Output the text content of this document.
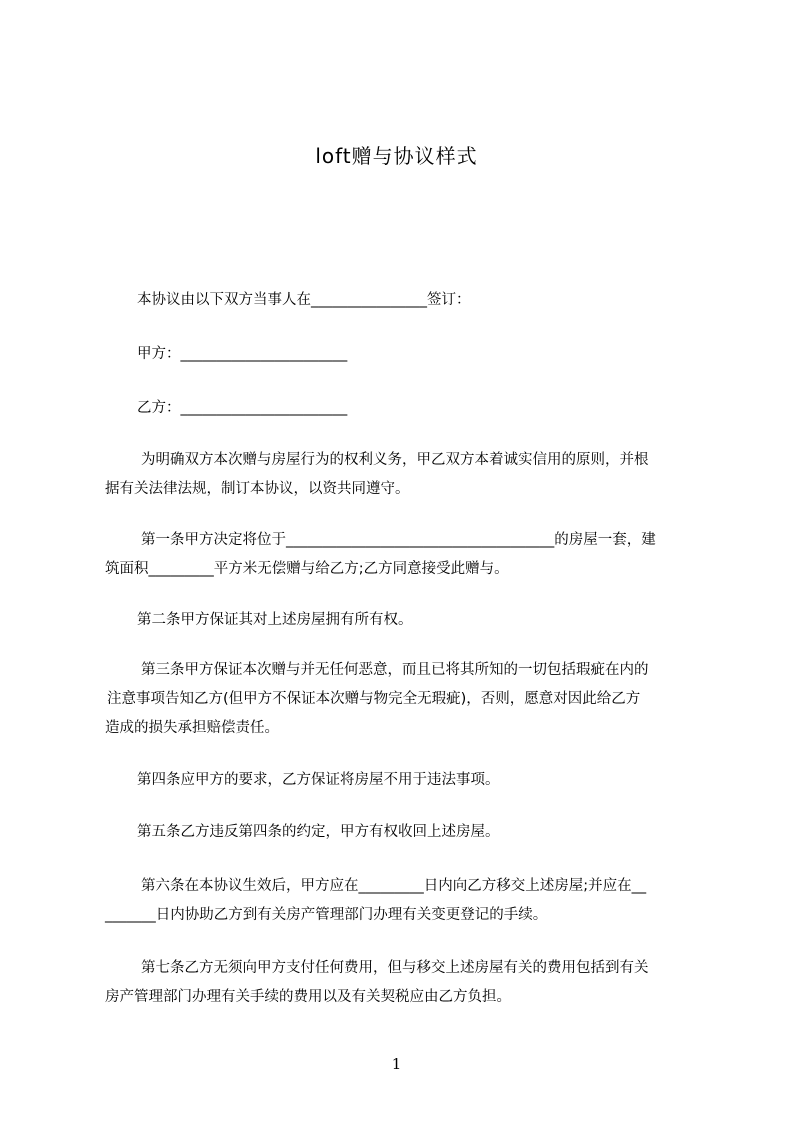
loft赠与协议样式
本协议由以下双方当事人在________________签订：
甲方：_______________________
乙方：_______________________
为明确双方本次赠与房屋行为的权利义务，甲乙双方本着诚实信用的原则，并根
据有关法律法规，制订本协议，以资共同遵守。
第一条甲方决定将位于_____________________________________的房屋一套，建
筑面积_________平方米无偿赠与给乙方;乙方同意接受此赠与。
第二条甲方保证其对上述房屋拥有所有权。
第三条甲方保证本次赠与并无任何恶意，而且已将其所知的一切包括瑕疵在内的
注意事项告知乙方(但甲方不保证本次赠与物完全无瑕疵)，否则，愿意对因此给乙方
造成的损失承担赔偿责任。
第四条应甲方的要求，乙方保证将房屋不用于违法事项。
第五条乙方违反第四条的约定，甲方有权收回上述房屋。
第六条在本协议生效后，甲方应在_________日内向乙方移交上述房屋;并应在__
_______日内协助乙方到有关房产管理部门办理有关变更登记的手续。
第七条乙方无须向甲方支付任何费用，但与移交上述房屋有关的费用包括到有关
房产管理部门办理有关手续的费用以及有关契税应由乙方负担。
1
